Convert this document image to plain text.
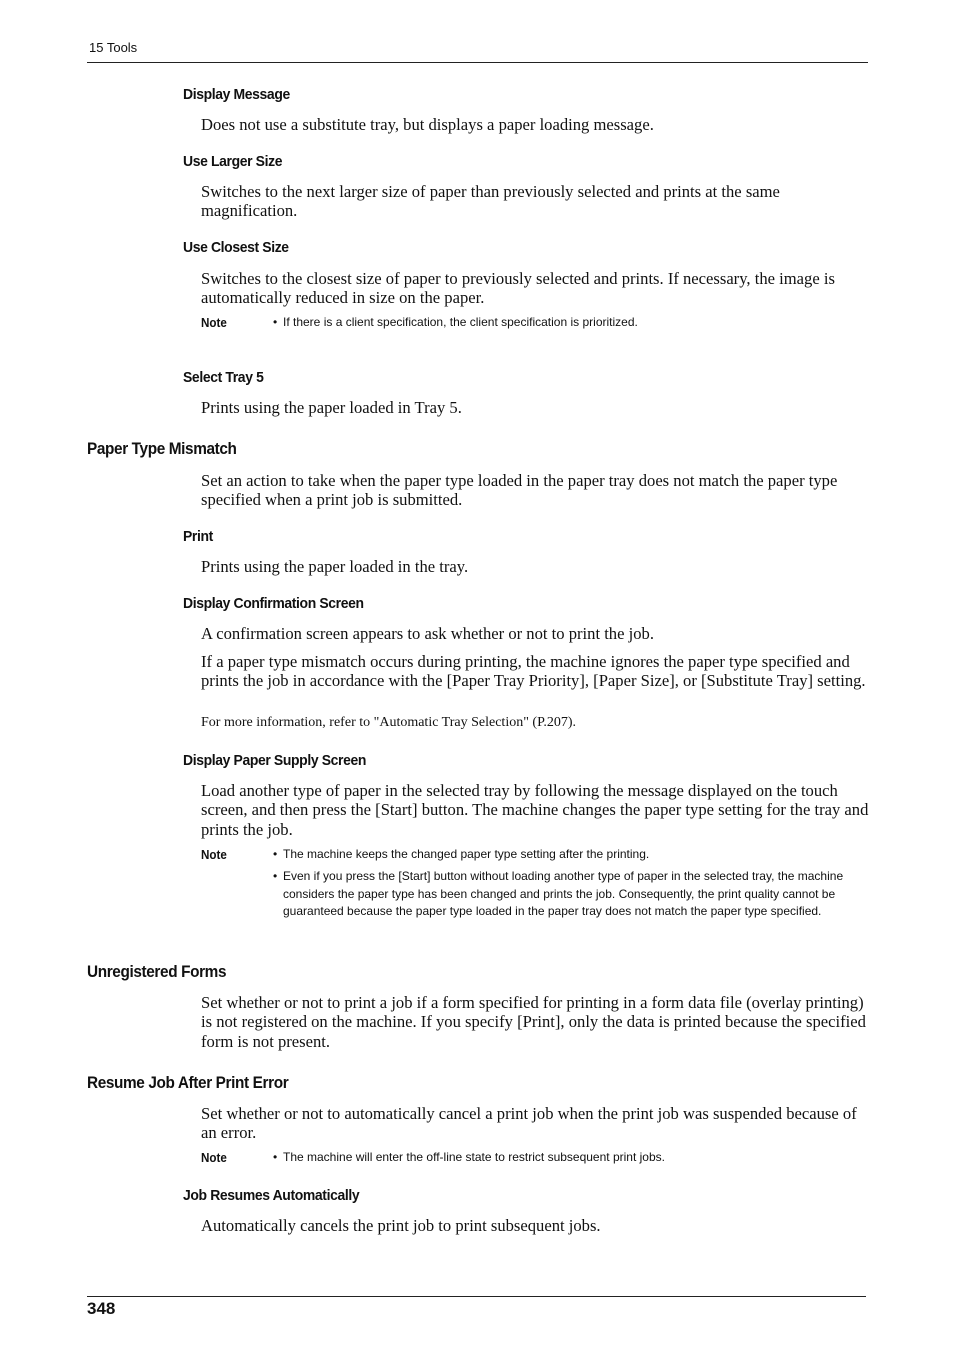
15 Tools
Display Message
Does not use a substitute tray, but displays a paper loading message.
Use Larger Size
Switches to the next larger size of paper than previously selected and prints at the same magnification.
Use Closest Size
Switches to the closest size of paper to previously selected and prints. If necessary, the image is automatically reduced in size on the paper.
Note	• If there is a client specification, the client specification is prioritized.
Select Tray 5
Prints using the paper loaded in Tray 5.
Paper Type Mismatch
Set an action to take when the paper type loaded in the paper tray does not match the paper type specified when a print job is submitted.
Print
Prints using the paper loaded in the tray.
Display Confirmation Screen
A confirmation screen appears to ask whether or not to print the job.
If a paper type mismatch occurs during printing, the machine ignores the paper type specified and prints the job in accordance with the [Paper Tray Priority], [Paper Size], or [Substitute Tray] setting.
For more information, refer to "Automatic Tray Selection" (P.207).
Display Paper Supply Screen
Load another type of paper in the selected tray by following the message displayed on the touch screen, and then press the [Start] button. The machine changes the paper type setting for the tray and prints the job.
Note	• The machine keeps the changed paper type setting after the printing.
• Even if you press the [Start] button without loading another type of paper in the selected tray, the machine considers the paper type has been changed and prints the job. Consequently, the print quality cannot be guaranteed because the paper type loaded in the paper tray does not match the paper type specified.
Unregistered Forms
Set whether or not to print a job if a form specified for printing in a form data file (overlay printing) is not registered on the machine. If you specify [Print], only the data is printed because the specified form is not present.
Resume Job After Print Error
Set whether or not to automatically cancel a print job when the print job was suspended because of an error.
Note	• The machine will enter the off-line state to restrict subsequent print jobs.
Job Resumes Automatically
Automatically cancels the print job to print subsequent jobs.
348
